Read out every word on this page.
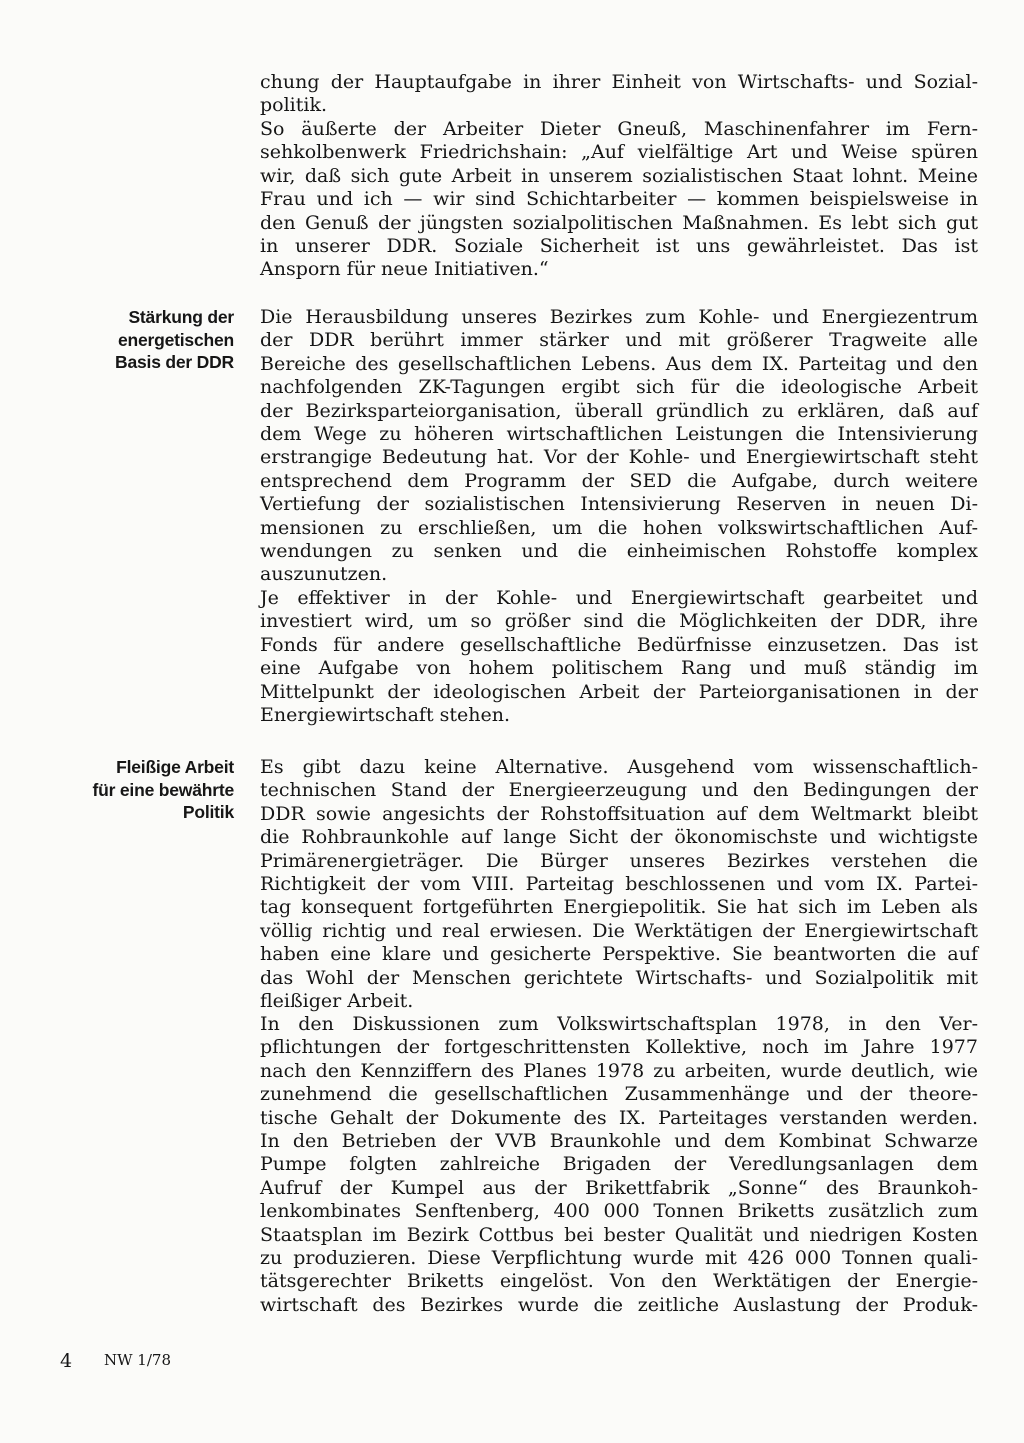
chung der Hauptaufgabe in ihrer Einheit von Wirtschafts- und Sozial-
politik.
So äußerte der Arbeiter Dieter Gneuß, Maschinenfahrer im Fern-
sehkolbenwerk Friedrichshain: „Auf vielfältige Art und Weise spüren
wir, daß sich gute Arbeit in unserem sozialistischen Staat lohnt. Meine
Frau und ich — wir sind Schichtarbeiter — kommen beispielsweise in
den Genuß der jüngsten sozialpolitischen Maßnahmen. Es lebt sich gut
in unserer DDR. Soziale Sicherheit ist uns gewährleistet. Das ist
Ansporn für neue Initiativen.“
Stärkung der
energetischen
Basis der DDR
Die Herausbildung unseres Bezirkes zum Kohle- und Energiezentrum
der DDR berührt immer stärker und mit größerer Tragweite alle
Bereiche des gesellschaftlichen Lebens. Aus dem IX. Parteitag und den
nachfolgenden ZK-Tagungen ergibt sich für die ideologische Arbeit
der Bezirksparteiorganisation, überall gründlich zu erklären, daß auf
dem Wege zu höheren wirtschaftlichen Leistungen die Intensivierung
erstrangige Bedeutung hat. Vor der Kohle- und Energiewirtschaft steht
entsprechend dem Programm der SED die Aufgabe, durch weitere
Vertiefung der sozialistischen Intensivierung Reserven in neuen Di-
mensionen zu erschließen, um die hohen volkswirtschaftlichen Auf-
wendungen zu senken und die einheimischen Rohstoffe komplex
auszunutzen.
Je effektiver in der Kohle- und Energiewirtschaft gearbeitet und
investiert wird, um so größer sind die Möglichkeiten der DDR, ihre
Fonds für andere gesellschaftliche Bedürfnisse einzusetzen. Das ist
eine Aufgabe von hohem politischem Rang und muß ständig im
Mittelpunkt der ideologischen Arbeit der Parteiorganisationen in der
Energiewirtschaft stehen.
Fleißige Arbeit
für eine bewährte
Politik
Es gibt dazu keine Alternative. Ausgehend vom wissenschaftlich-
technischen Stand der Energieerzeugung und den Bedingungen der
DDR sowie angesichts der Rohstoffsituation auf dem Weltmarkt bleibt
die Rohbraunkohle auf lange Sicht der ökonomischste und wichtigste
Primärenergieträger. Die Bürger unseres Bezirkes verstehen die
Richtigkeit der vom VIII. Parteitag beschlossenen und vom IX. Partei-
tag konsequent fortgeführten Energiepolitik. Sie hat sich im Leben als
völlig richtig und real erwiesen. Die Werktätigen der Energiewirtschaft
haben eine klare und gesicherte Perspektive. Sie beantworten die auf
das Wohl der Menschen gerichtete Wirtschafts- und Sozialpolitik mit
fleißiger Arbeit.
In den Diskussionen zum Volkswirtschaftsplan 1978, in den Ver-
pflichtungen der fortgeschrittensten Kollektive, noch im Jahre 1977
nach den Kennziffern des Planes 1978 zu arbeiten, wurde deutlich, wie
zunehmend die gesellschaftlichen Zusammenhänge und der theore-
tische Gehalt der Dokumente des IX. Parteitages verstanden werden.
In den Betrieben der VVB Braunkohle und dem Kombinat Schwarze
Pumpe folgten zahlreiche Brigaden der Veredlungsanlagen dem
Aufruf der Kumpel aus der Brikettfabrik „Sonne“ des Braunkoh-
lenkombinates Senftenberg, 400 000 Tonnen Briketts zusätzlich zum
Staatsplan im Bezirk Cottbus bei bester Qualität und niedrigen Kosten
zu produzieren. Diese Verpflichtung wurde mit 426 000 Tonnen quali-
tätsgerechter Briketts eingelöst. Von den Werktätigen der Energie-
wirtschaft des Bezirkes wurde die zeitliche Auslastung der Produk-
4 NW 1/78
